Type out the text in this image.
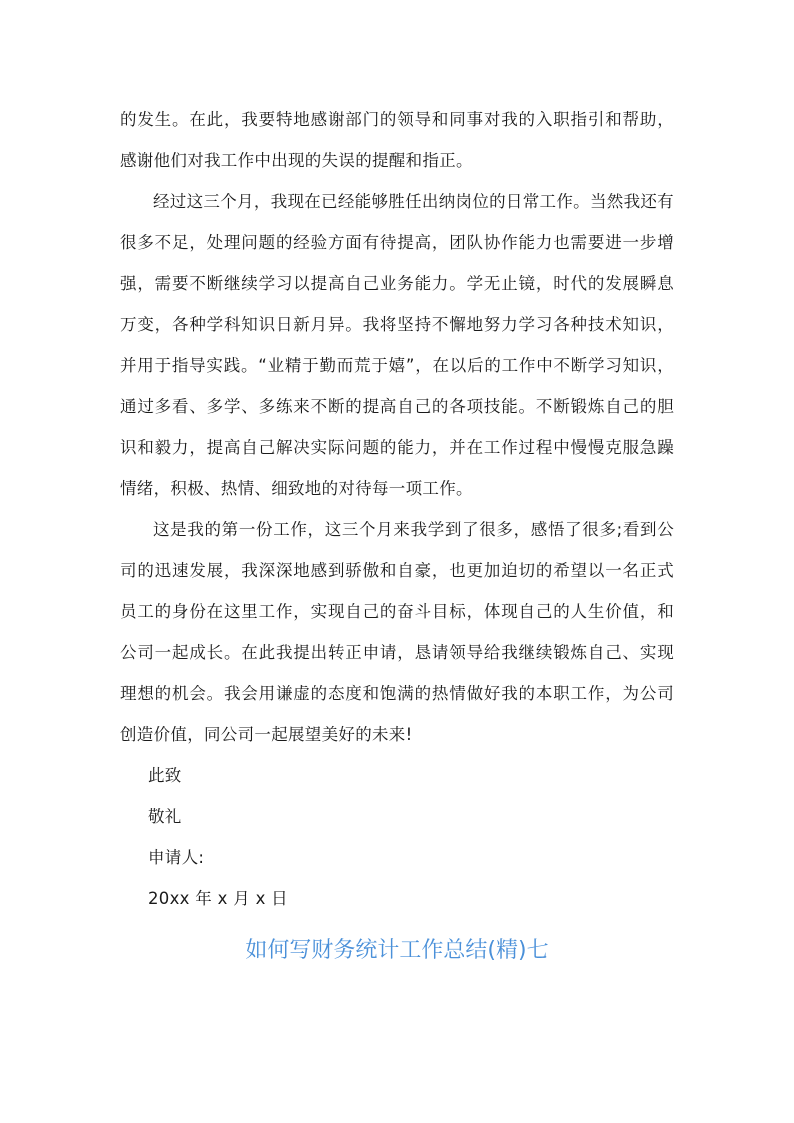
的发生。在此，我要特地感谢部门的领导和同事对我的入职指引和帮助，感谢他们对我工作中出现的失误的提醒和指正。

经过这三个月，我现在已经能够胜任出纳岗位的日常工作。当然我还有很多不足，处理问题的经验方面有待提高，团队协作能力也需要进一步增强，需要不断继续学习以提高自己业务能力。学无止镜，时代的发展瞬息万变，各种学科知识日新月异。我将坚持不懈地努力学习各种技术知识，并用于指导实践。“业精于勤而荒于嬉”，在以后的工作中不断学习知识，通过多看、多学、多练来不断的提高自己的各项技能。不断锻炼自己的胆识和毅力，提高自己解决实际问题的能力，并在工作过程中慢慢克服急躁情绪，积极、热情、细致地的对待每一项工作。

这是我的第一份工作，这三个月来我学到了很多，感悟了很多;看到公司的迅速发展，我深深地感到骄傲和自豪，也更加迫切的希望以一名正式员工的身份在这里工作，实现自己的奋斗目标，体现自己的人生价值，和公司一起成长。在此我提出转正申请，恳请领导给我继续锻炼自己、实现理想的机会。我会用谦虚的态度和饱满的热情做好我的本职工作，为公司创造价值，同公司一起展望美好的未来!

此致

敬礼

申请人:

20xx 年 x 月 x 日

如何写财务统计工作总结(精)七
